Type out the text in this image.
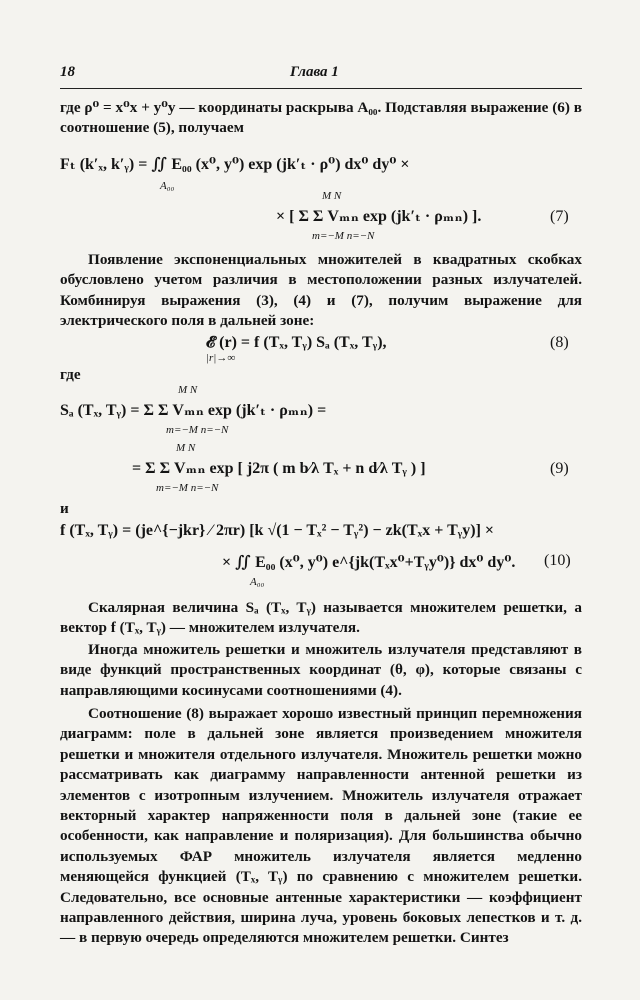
18	Глава 1

где ρ⁰ = x⁰x + y⁰y — координаты раскрыва A₀₀. Подставляя выражение (6) в соотношение (5), получаем

Fₜ (k′ₓ, k′ᵧ) = ∬ E₀₀ (x⁰, y⁰) exp (jk′ₜ · ρ⁰) dx⁰ dy⁰ ×
A₀₀
M N
× [ Σ Σ Vₘₙ exp (jk′ₜ · ρₘₙ) ].
m=−M n=−N
(7)

Появление экспоненциальных множителей в квадратных скобках обусловлено учетом различия в местоположении разных излучателей. Комбинируя выражения (3), (4) и (7), получим выражение для электрического поля в дальней зоне:

𝓔 (r) = f (Tₓ, Tᵧ) Sₐ (Tₓ, Tᵧ),
|r|→∞
(8)
где
M N
Sₐ (Tₓ, Tᵧ) = Σ Σ Vₘₙ exp (jk′ₜ · ρₘₙ) =
m=−M n=−N
M N
= Σ Σ Vₘₙ exp [ j2π ( m b⁄λ Tₓ + n d⁄λ Tᵧ ) ]
m=−M n=−N
(9)
и
f (Tₓ, Tᵧ) = (je^{−jkr} ⁄ 2πr) [k √(1 − Tₓ² − Tᵧ²) − zk(Tₓx + Tᵧy)] ×
× ∬ E₀₀ (x⁰, y⁰) e^{jk(Tₓx⁰+Tᵧy⁰)} dx⁰ dy⁰.
A₀₀
(10)

Скалярная величина Sₐ (Tₓ, Tᵧ) называется множителем решетки, а вектор f (Tₓ, Tᵧ) — множителем излучателя.

Иногда множитель решетки и множитель излучателя представляют в виде функций пространственных координат (θ, φ), которые связаны с направляющими косинусами соотношениями (4).

Соотношение (8) выражает хорошо известный принцип перемножения диаграмм: поле в дальней зоне является произведением множителя решетки и множителя отдельного излучателя. Множитель решетки можно рассматривать как диаграмму направленности антенной решетки из элементов с изотропным излучением. Множитель излучателя отражает векторный характер напряженности поля в дальней зоне (такие ее особенности, как направление и поляризация). Для большинства обычно используемых ФАР множитель излучателя является медленно меняющейся функцией (Tₓ, Tᵧ) по сравнению с множителем решетки. Следовательно, все основные антенные характеристики — коэффициент направленного действия, ширина луча, уровень боковых лепестков и т. д. — в первую очередь определяются множителем решетки. Синтез
